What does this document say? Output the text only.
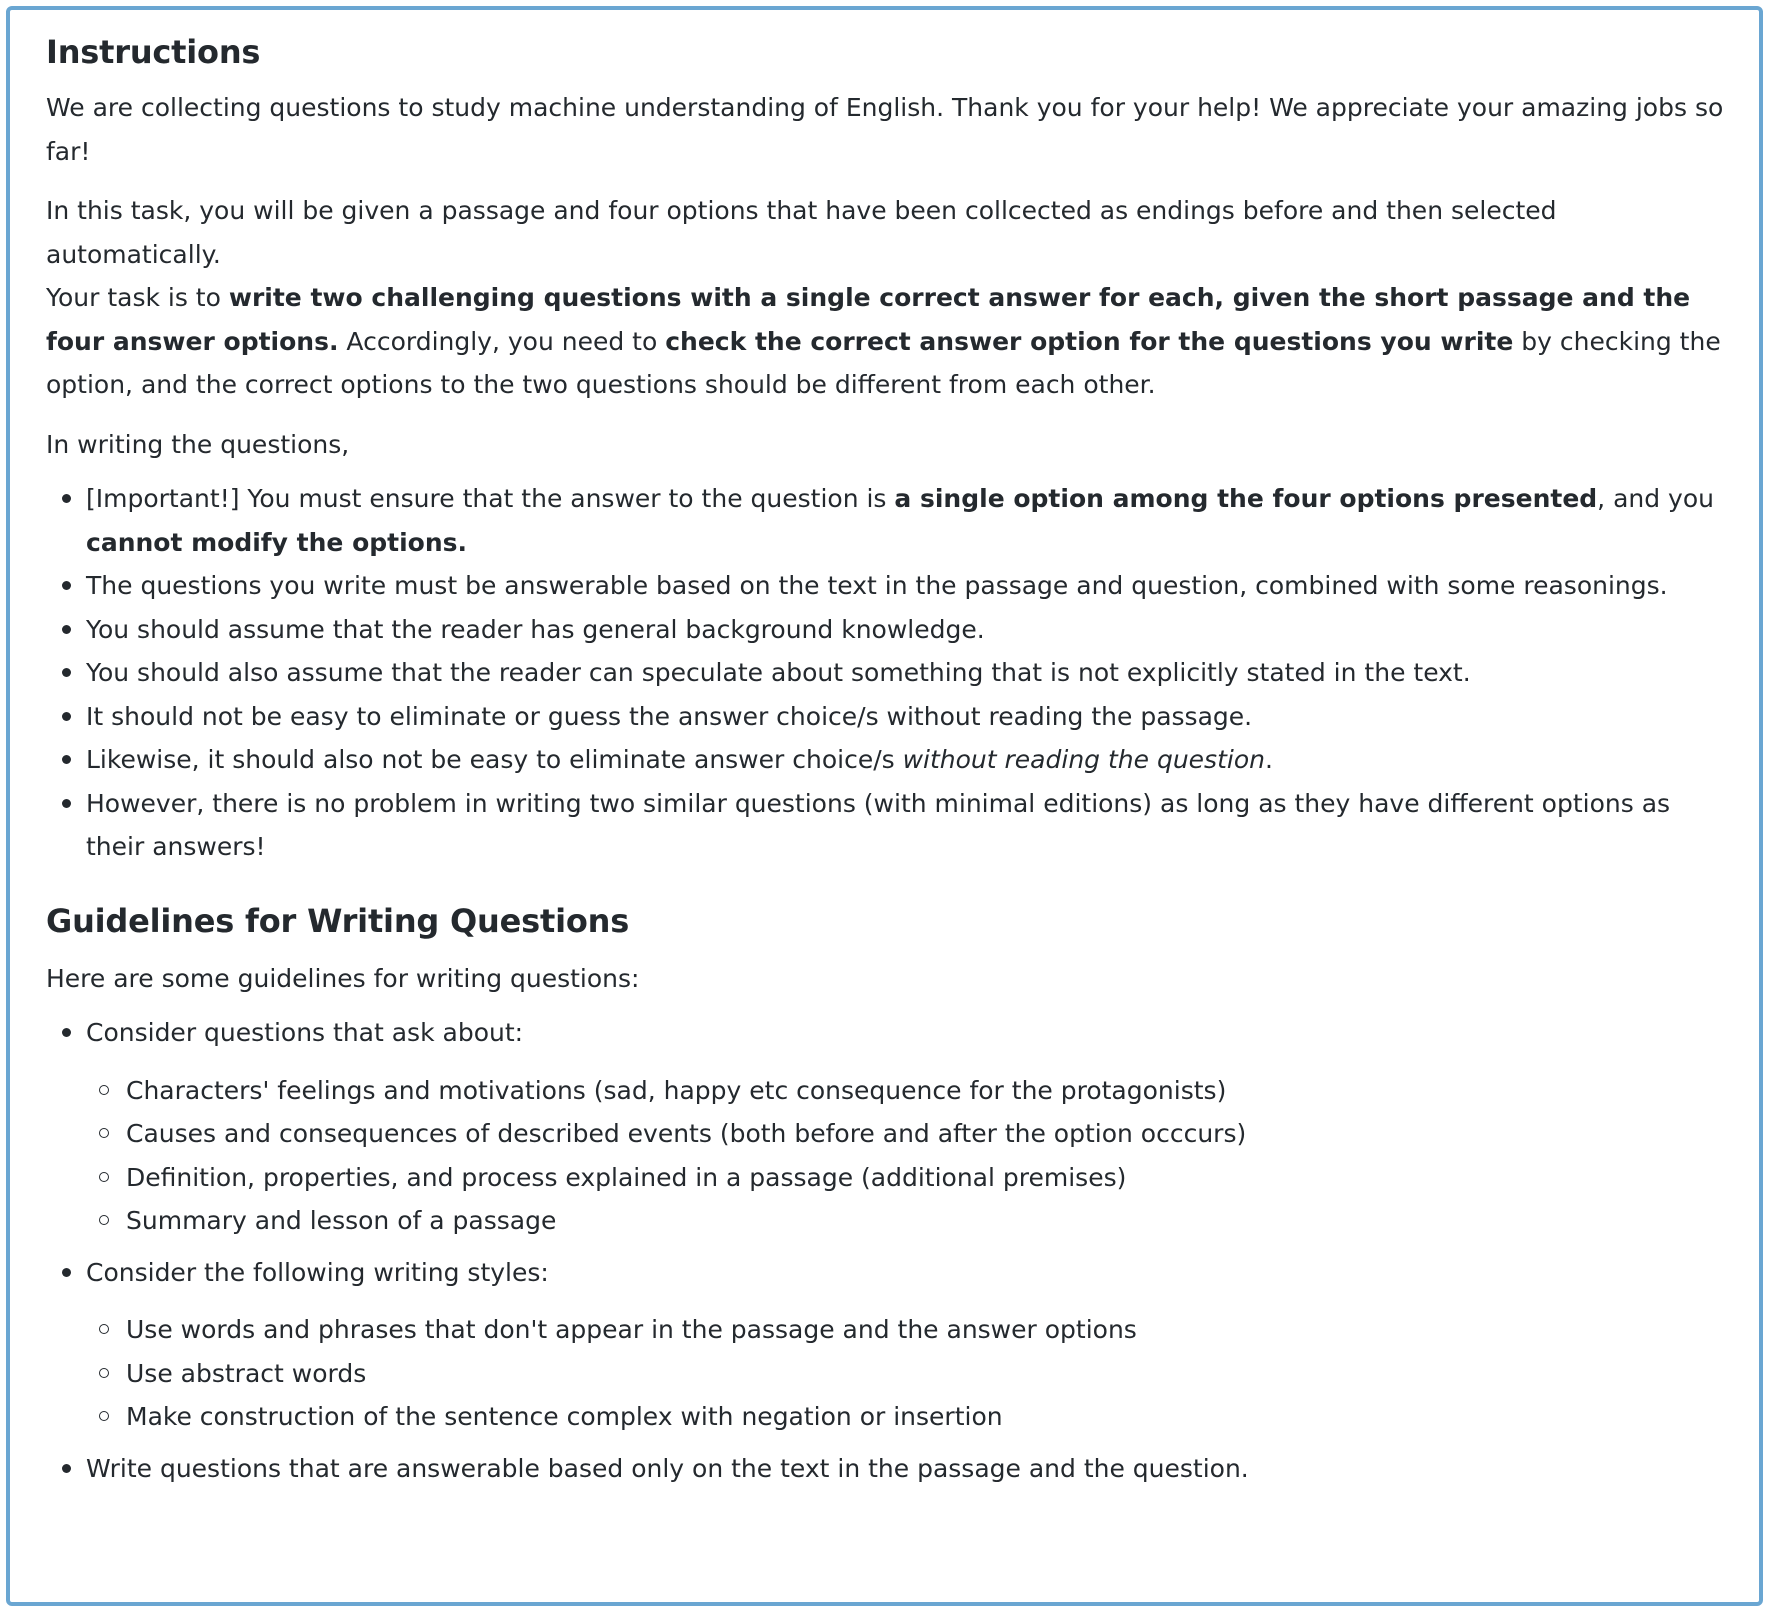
Instructions

We are collecting questions to study machine understanding of English. Thank you for your help! We appreciate your amazing jobs so far!

In this task, you will be given a passage and four options that have been collcected as endings before and then selected automatically.
Your task is to write two challenging questions with a single correct answer for each, given the short passage and the four answer options. Accordingly, you need to check the correct answer option for the questions you write by checking the option, and the correct options to the two questions should be different from each other.

In writing the questions,

[Important!] You must ensure that the answer to the question is a single option among the four options presented, and you cannot modify the options.
The questions you write must be answerable based on the text in the passage and question, combined with some reasonings.
You should assume that the reader has general background knowledge.
You should also assume that the reader can speculate about something that is not explicitly stated in the text.
It should not be easy to eliminate or guess the answer choice/s without reading the passage.
Likewise, it should also not be easy to eliminate answer choice/s without reading the question.
However, there is no problem in writing two similar questions (with minimal editions) as long as they have different options as their answers!
Guidelines for Writing Questions

Here are some guidelines for writing questions:

Consider questions that ask about:
Characters' feelings and motivations (sad, happy etc consequence for the protagonists)
Causes and consequences of described events (both before and after the option occcurs)
Definition, properties, and process explained in a passage (additional premises)
Summary and lesson of a passage
Consider the following writing styles:
Use words and phrases that don't appear in the passage and the answer options
Use abstract words
Make construction of the sentence complex with negation or insertion
Write questions that are answerable based only on the text in the passage and the question.
